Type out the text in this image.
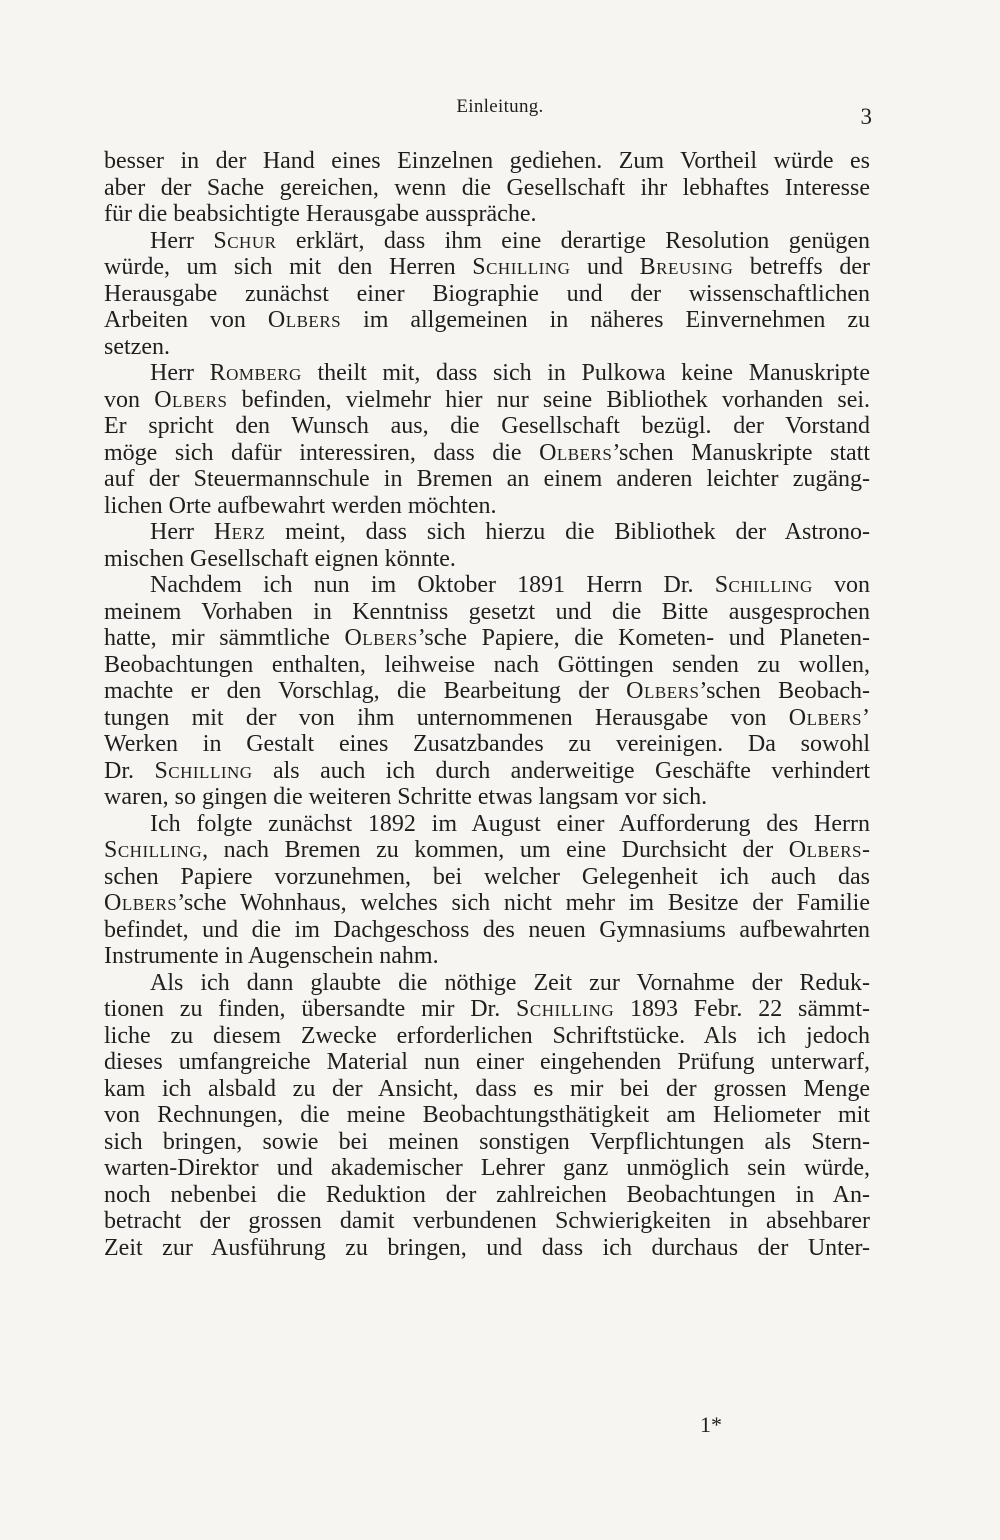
Einleitung.	3
besser in der Hand eines Einzelnen gediehen. Zum Vortheil würde es
aber der Sache gereichen, wenn die Gesellschaft ihr lebhaftes Interesse
für die beabsichtigte Herausgabe ausspräche.
Herr Schur erklärt, dass ihm eine derartige Resolution genügen
würde, um sich mit den Herren Schilling und Breusing betreffs der
Herausgabe zunächst einer Biographie und der wissenschaftlichen
Arbeiten von Olbers im allgemeinen in näheres Einvernehmen zu
setzen.
Herr Romberg theilt mit, dass sich in Pulkowa keine Manuskripte
von Olbers befinden, vielmehr hier nur seine Bibliothek vorhanden sei.
Er spricht den Wunsch aus, die Gesellschaft bezügl. der Vorstand
möge sich dafür interessiren, dass die Olbers’schen Manuskripte statt
auf der Steuermannschule in Bremen an einem anderen leichter zugäng-
lichen Orte aufbewahrt werden möchten.
Herr Herz meint, dass sich hierzu die Bibliothek der Astrono-
mischen Gesellschaft eignen könnte.
Nachdem ich nun im Oktober 1891 Herrn Dr. Schilling von
meinem Vorhaben in Kenntniss gesetzt und die Bitte ausgesprochen
hatte, mir sämmtliche Olbers’sche Papiere, die Kometen- und Planeten-
Beobachtungen enthalten, leihweise nach Göttingen senden zu wollen,
machte er den Vorschlag, die Bearbeitung der Olbers’schen Beobach-
tungen mit der von ihm unternommenen Herausgabe von Olbers’
Werken in Gestalt eines Zusatzbandes zu vereinigen. Da sowohl
Dr. Schilling als auch ich durch anderweitige Geschäfte verhindert
waren, so gingen die weiteren Schritte etwas langsam vor sich.
Ich folgte zunächst 1892 im August einer Aufforderung des Herrn
Schilling, nach Bremen zu kommen, um eine Durchsicht der Olbers-
schen Papiere vorzunehmen, bei welcher Gelegenheit ich auch das
Olbers’sche Wohnhaus, welches sich nicht mehr im Besitze der Familie
befindet, und die im Dachgeschoss des neuen Gymnasiums aufbewahrten
Instrumente in Augenschein nahm.
Als ich dann glaubte die nöthige Zeit zur Vornahme der Reduk-
tionen zu finden, übersandte mir Dr. Schilling 1893 Febr. 22 sämmt-
liche zu diesem Zwecke erforderlichen Schriftstücke. Als ich jedoch
dieses umfangreiche Material nun einer eingehenden Prüfung unterwarf,
kam ich alsbald zu der Ansicht, dass es mir bei der grossen Menge
von Rechnungen, die meine Beobachtungsthätigkeit am Heliometer mit
sich bringen, sowie bei meinen sonstigen Verpflichtungen als Stern-
warten-Direktor und akademischer Lehrer ganz unmöglich sein würde,
noch nebenbei die Reduktion der zahlreichen Beobachtungen in An-
betracht der grossen damit verbundenen Schwierigkeiten in absehbarer
Zeit zur Ausführung zu bringen, und dass ich durchaus der Unter-
1*
